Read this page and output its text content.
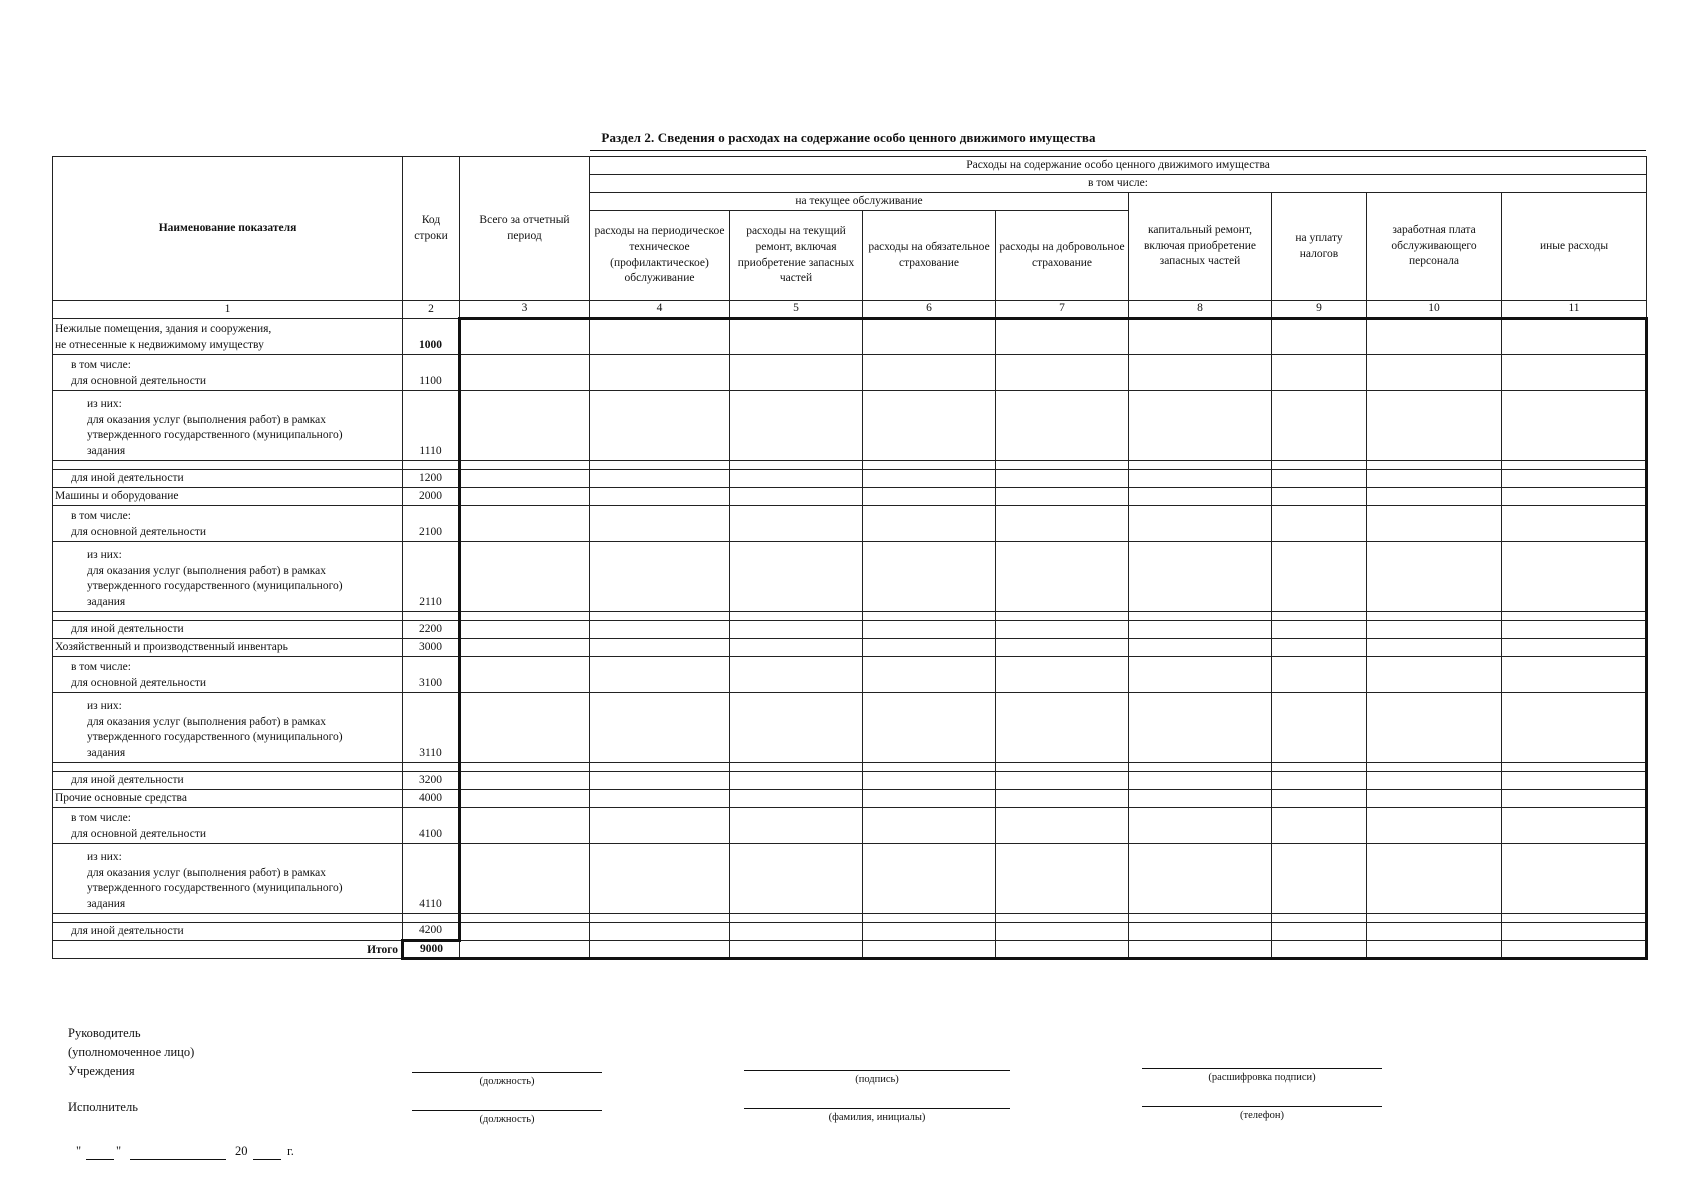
Раздел 2. Сведения о расходах на содержание особо ценного движимого имущества
Наименование показателя	Код строки	Всего за отчетный период	Расходы на содержание особо ценного движимого имущества							
			в том числе:							
			на текущее обслуживание				капитальный ремонт, включая приобретение запасных частей	на уплату налогов	заработная плата обслуживающего персонала	иные расходы
			расходы на периодическое техническое (профилактическое) обслуживание	расходы на текущий ремонт, включая приобретение запасных частей	расходы на обязательное страхование	расходы на добровольное страхование				
1	2	3	4	5	6	7	8	9	10	11

Нежилые помещения, здания и сооружения,
не отнесенные к недвижимому имуществу	1000									

в том числе:
для основной деятельности	1100									

из них:
для оказания услуг (выполнения работ) в рамках
утвержденного государственного (муниципального)
задания	1110									

для иной деятельности	1200									

Машины и оборудование	2000									

в том числе:
для основной деятельности	2100									

из них:
для оказания услуг (выполнения работ) в рамках
утвержденного государственного (муниципального)
задания	2110									

для иной деятельности	2200									

Хозяйственный и производственный инвентарь	3000									

в том числе:
для основной деятельности	3100									

из них:
для оказания услуг (выполнения работ) в рамках
утвержденного государственного (муниципального)
задания	3110									

для иной деятельности	3200									

Прочие основные средства	4000									

в том числе:
для основной деятельности	4100									

из них:
для оказания услуг (выполнения работ) в рамках
утвержденного государственного (муниципального)
задания	4110									

для иной деятельности	4200									
Итого	9000									
Руководитель
(уполномоченное лицо)
Учреждения
(должность)	(подпись)	(расшифровка подписи)
Исполнитель
(должность)	(фамилия, инициалы)	(телефон)
"	"	20	г.
